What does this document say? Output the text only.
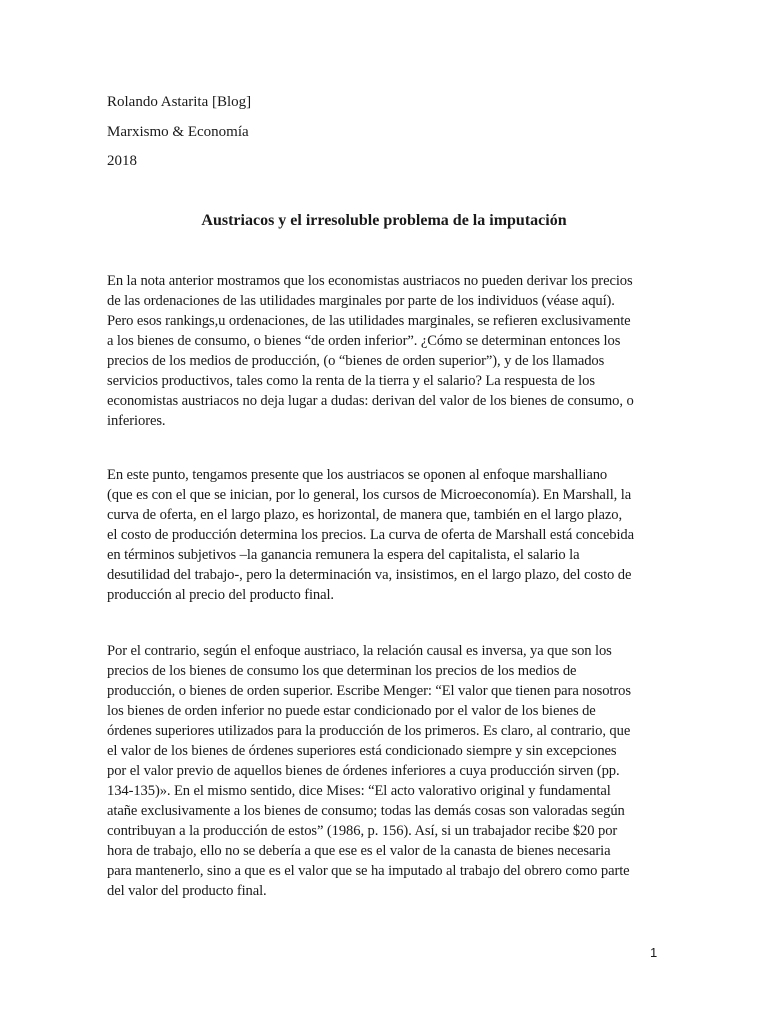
Rolando Astarita [Blog]

Marxismo & Economía

2018

Austriacos y el irresoluble problema de la imputación
En la nota anterior mostramos que los economistas austriacos no pueden derivar los precios
de las ordenaciones de las utilidades marginales por parte de los individuos (véase aquí).
Pero esos rankings,u ordenaciones, de las utilidades marginales, se refieren exclusivamente
a los bienes de consumo, o bienes “de orden inferior”. ¿Cómo se determinan entonces los
precios de los medios de producción, (o “bienes de orden superior”), y de los llamados
servicios productivos, tales como la renta de la tierra y el salario? La respuesta de los
economistas austriacos no deja lugar a dudas: derivan del valor de los bienes de consumo, o
inferiores.
En este punto, tengamos presente que los austriacos se oponen al enfoque marshalliano
(que es con el que se inician, por lo general, los cursos de Microeconomía). En Marshall, la
curva de oferta, en el largo plazo, es horizontal, de manera que, también en el largo plazo,
el costo de producción determina los precios. La curva de oferta de Marshall está concebida
en términos subjetivos –la ganancia remunera la espera del capitalista, el salario la
desutilidad del trabajo-, pero la determinación va, insistimos, en el largo plazo, del costo de
producción al precio del producto final.
Por el contrario, según el enfoque austriaco, la relación causal es inversa, ya que son los
precios de los bienes de consumo los que determinan los precios de los medios de
producción, o bienes de orden superior. Escribe Menger: “El valor que tienen para nosotros
los bienes de orden inferior no puede estar condicionado por el valor de los bienes de
órdenes superiores utilizados para la producción de los primeros. Es claro, al contrario, que
el valor de los bienes de órdenes superiores está condicionado siempre y sin excepciones
por el valor previo de aquellos bienes de órdenes inferiores a cuya producción sirven (pp.
134-135)». En el mismo sentido, dice Mises: “El acto valorativo original y fundamental
atañe exclusivamente a los bienes de consumo; todas las demás cosas son valoradas según
contribuyan a la producción de estos” (1986, p. 156). Así, si un trabajador recibe $20 por
hora de trabajo, ello no se debería a que ese es el valor de la canasta de bienes necesaria
para mantenerlo, sino a que es el valor que se ha imputado al trabajo del obrero como parte
del valor del producto final.

1
